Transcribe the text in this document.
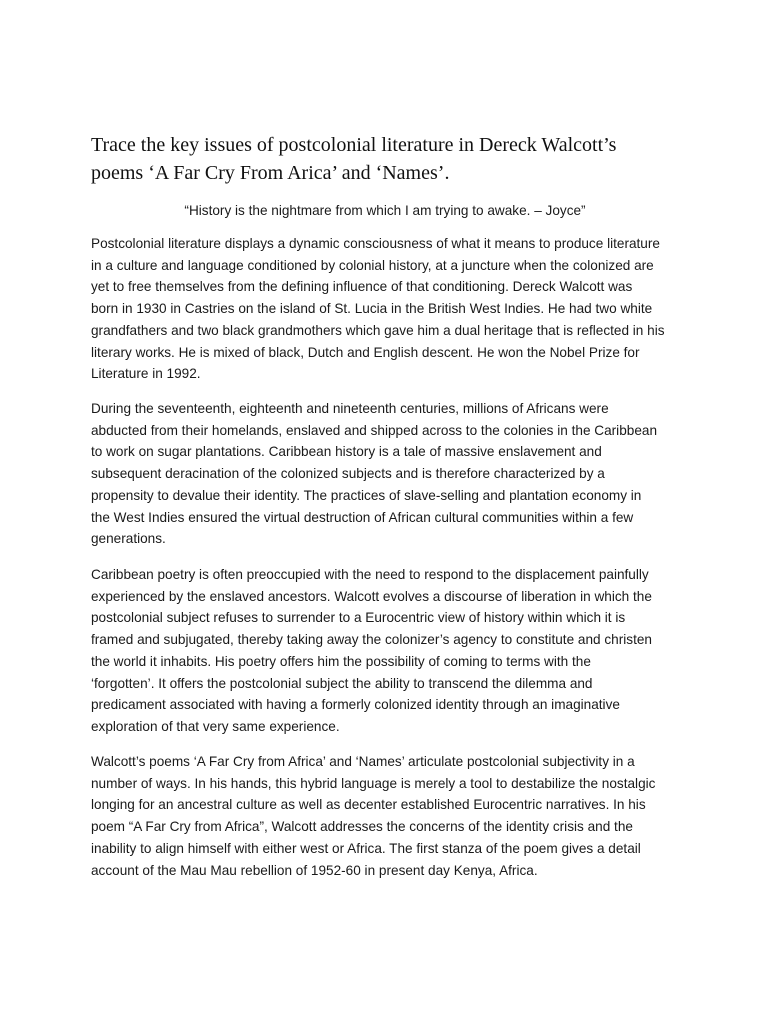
Trace the key issues of postcolonial literature in Dereck Walcott’s
poems ‘A Far Cry From Arica’ and ‘Names’.

“History is the nightmare from which I am trying to awake. – Joyce”

Postcolonial literature displays a dynamic consciousness of what it means to produce literature
in a culture and language conditioned by colonial history, at a juncture when the colonized are
yet to free themselves from the defining influence of that conditioning. Dereck Walcott was
born in 1930 in Castries on the island of St. Lucia in the British West Indies. He had two white
grandfathers and two black grandmothers which gave him a dual heritage that is reflected in his
literary works. He is mixed of black, Dutch and English descent. He won the Nobel Prize for
Literature in 1992.
During the seventeenth, eighteenth and nineteenth centuries, millions of Africans were
abducted from their homelands, enslaved and shipped across to the colonies in the Caribbean
to work on sugar plantations. Caribbean history is a tale of massive enslavement and
subsequent deracination of the colonized subjects and is therefore characterized by a
propensity to devalue their identity. The practices of slave-selling and plantation economy in
the West Indies ensured the virtual destruction of African cultural communities within a few
generations.
Caribbean poetry is often preoccupied with the need to respond to the displacement painfully
experienced by the enslaved ancestors. Walcott evolves a discourse of liberation in which the
postcolonial subject refuses to surrender to a Eurocentric view of history within which it is
framed and subjugated, thereby taking away the colonizer’s agency to constitute and christen
the world it inhabits. His poetry offers him the possibility of coming to terms with the
‘forgotten’. It offers the postcolonial subject the ability to transcend the dilemma and
predicament associated with having a formerly colonized identity through an imaginative
exploration of that very same experience.
Walcott’s poems ‘A Far Cry from Africa’ and ‘Names’ articulate postcolonial subjectivity in a
number of ways. In his hands, this hybrid language is merely a tool to destabilize the nostalgic
longing for an ancestral culture as well as decenter established Eurocentric narratives. In his
poem “A Far Cry from Africa”, Walcott addresses the concerns of the identity crisis and the
inability to align himself with either west or Africa. The first stanza of the poem gives a detail
account of the Mau Mau rebellion of 1952-60 in present day Kenya, Africa.
